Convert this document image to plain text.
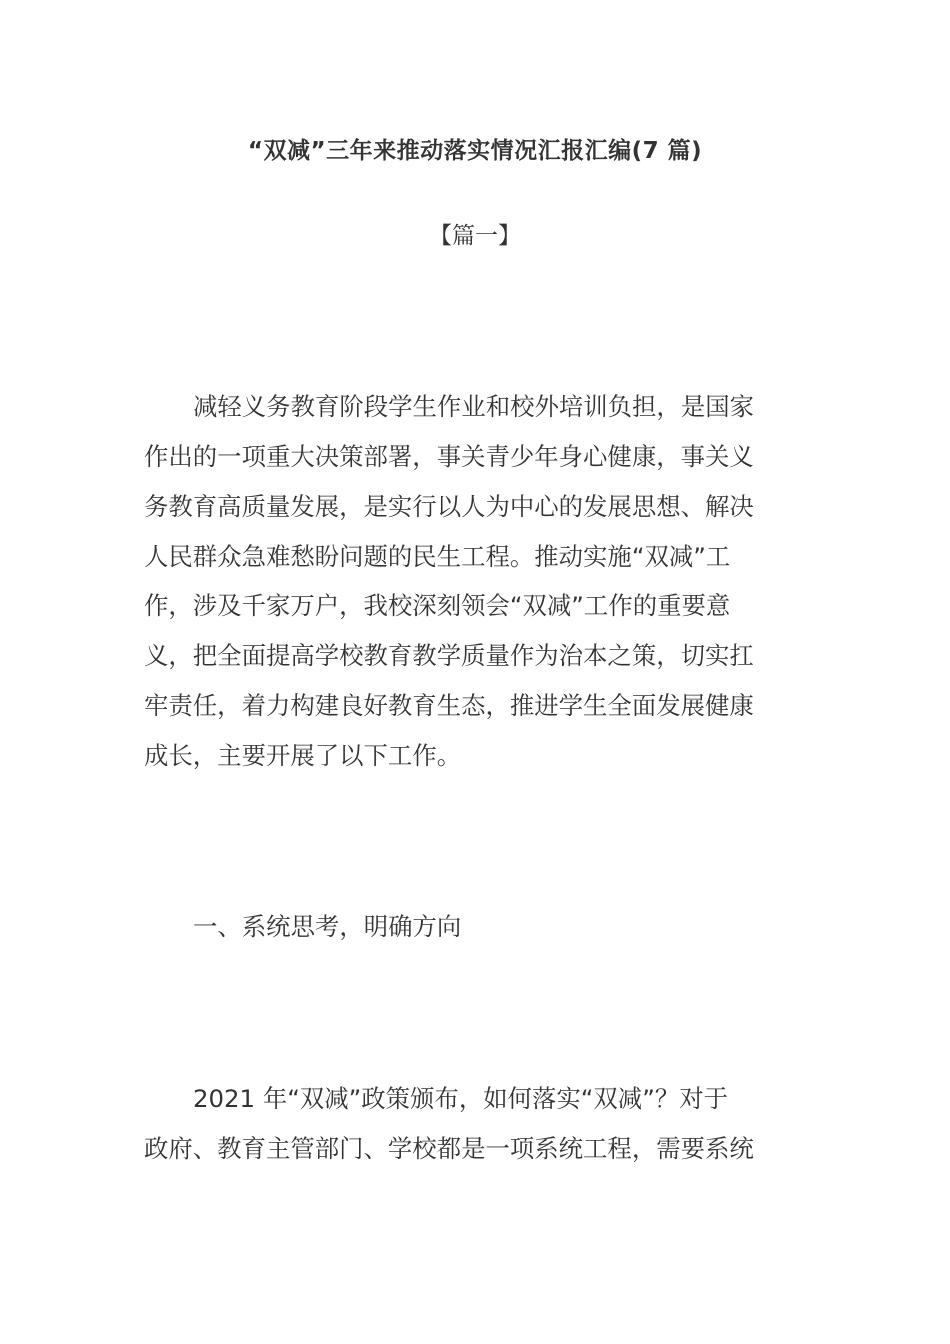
“双减”三年来推动落实情况汇报汇编(7 篇)
【篇一】
减轻义务教育阶段学生作业和校外培训负担，是国家
作出的一项重大决策部署，事关青少年身心健康，事关义
务教育高质量发展，是实行以人为中心的发展思想、解决
人民群众急难愁盼问题的民生工程。推动实施“双减”工
作，涉及千家万户，我校深刻领会“双减”工作的重要意
义，把全面提高学校教育教学质量作为治本之策，切实扛
牢责任，着力构建良好教育生态，推进学生全面发展健康
成长，主要开展了以下工作。
一、系统思考，明确方向
2021 年“双减”政策颁布，如何落实“双减”？对于
政府、教育主管部门、学校都是一项系统工程，需要系统
